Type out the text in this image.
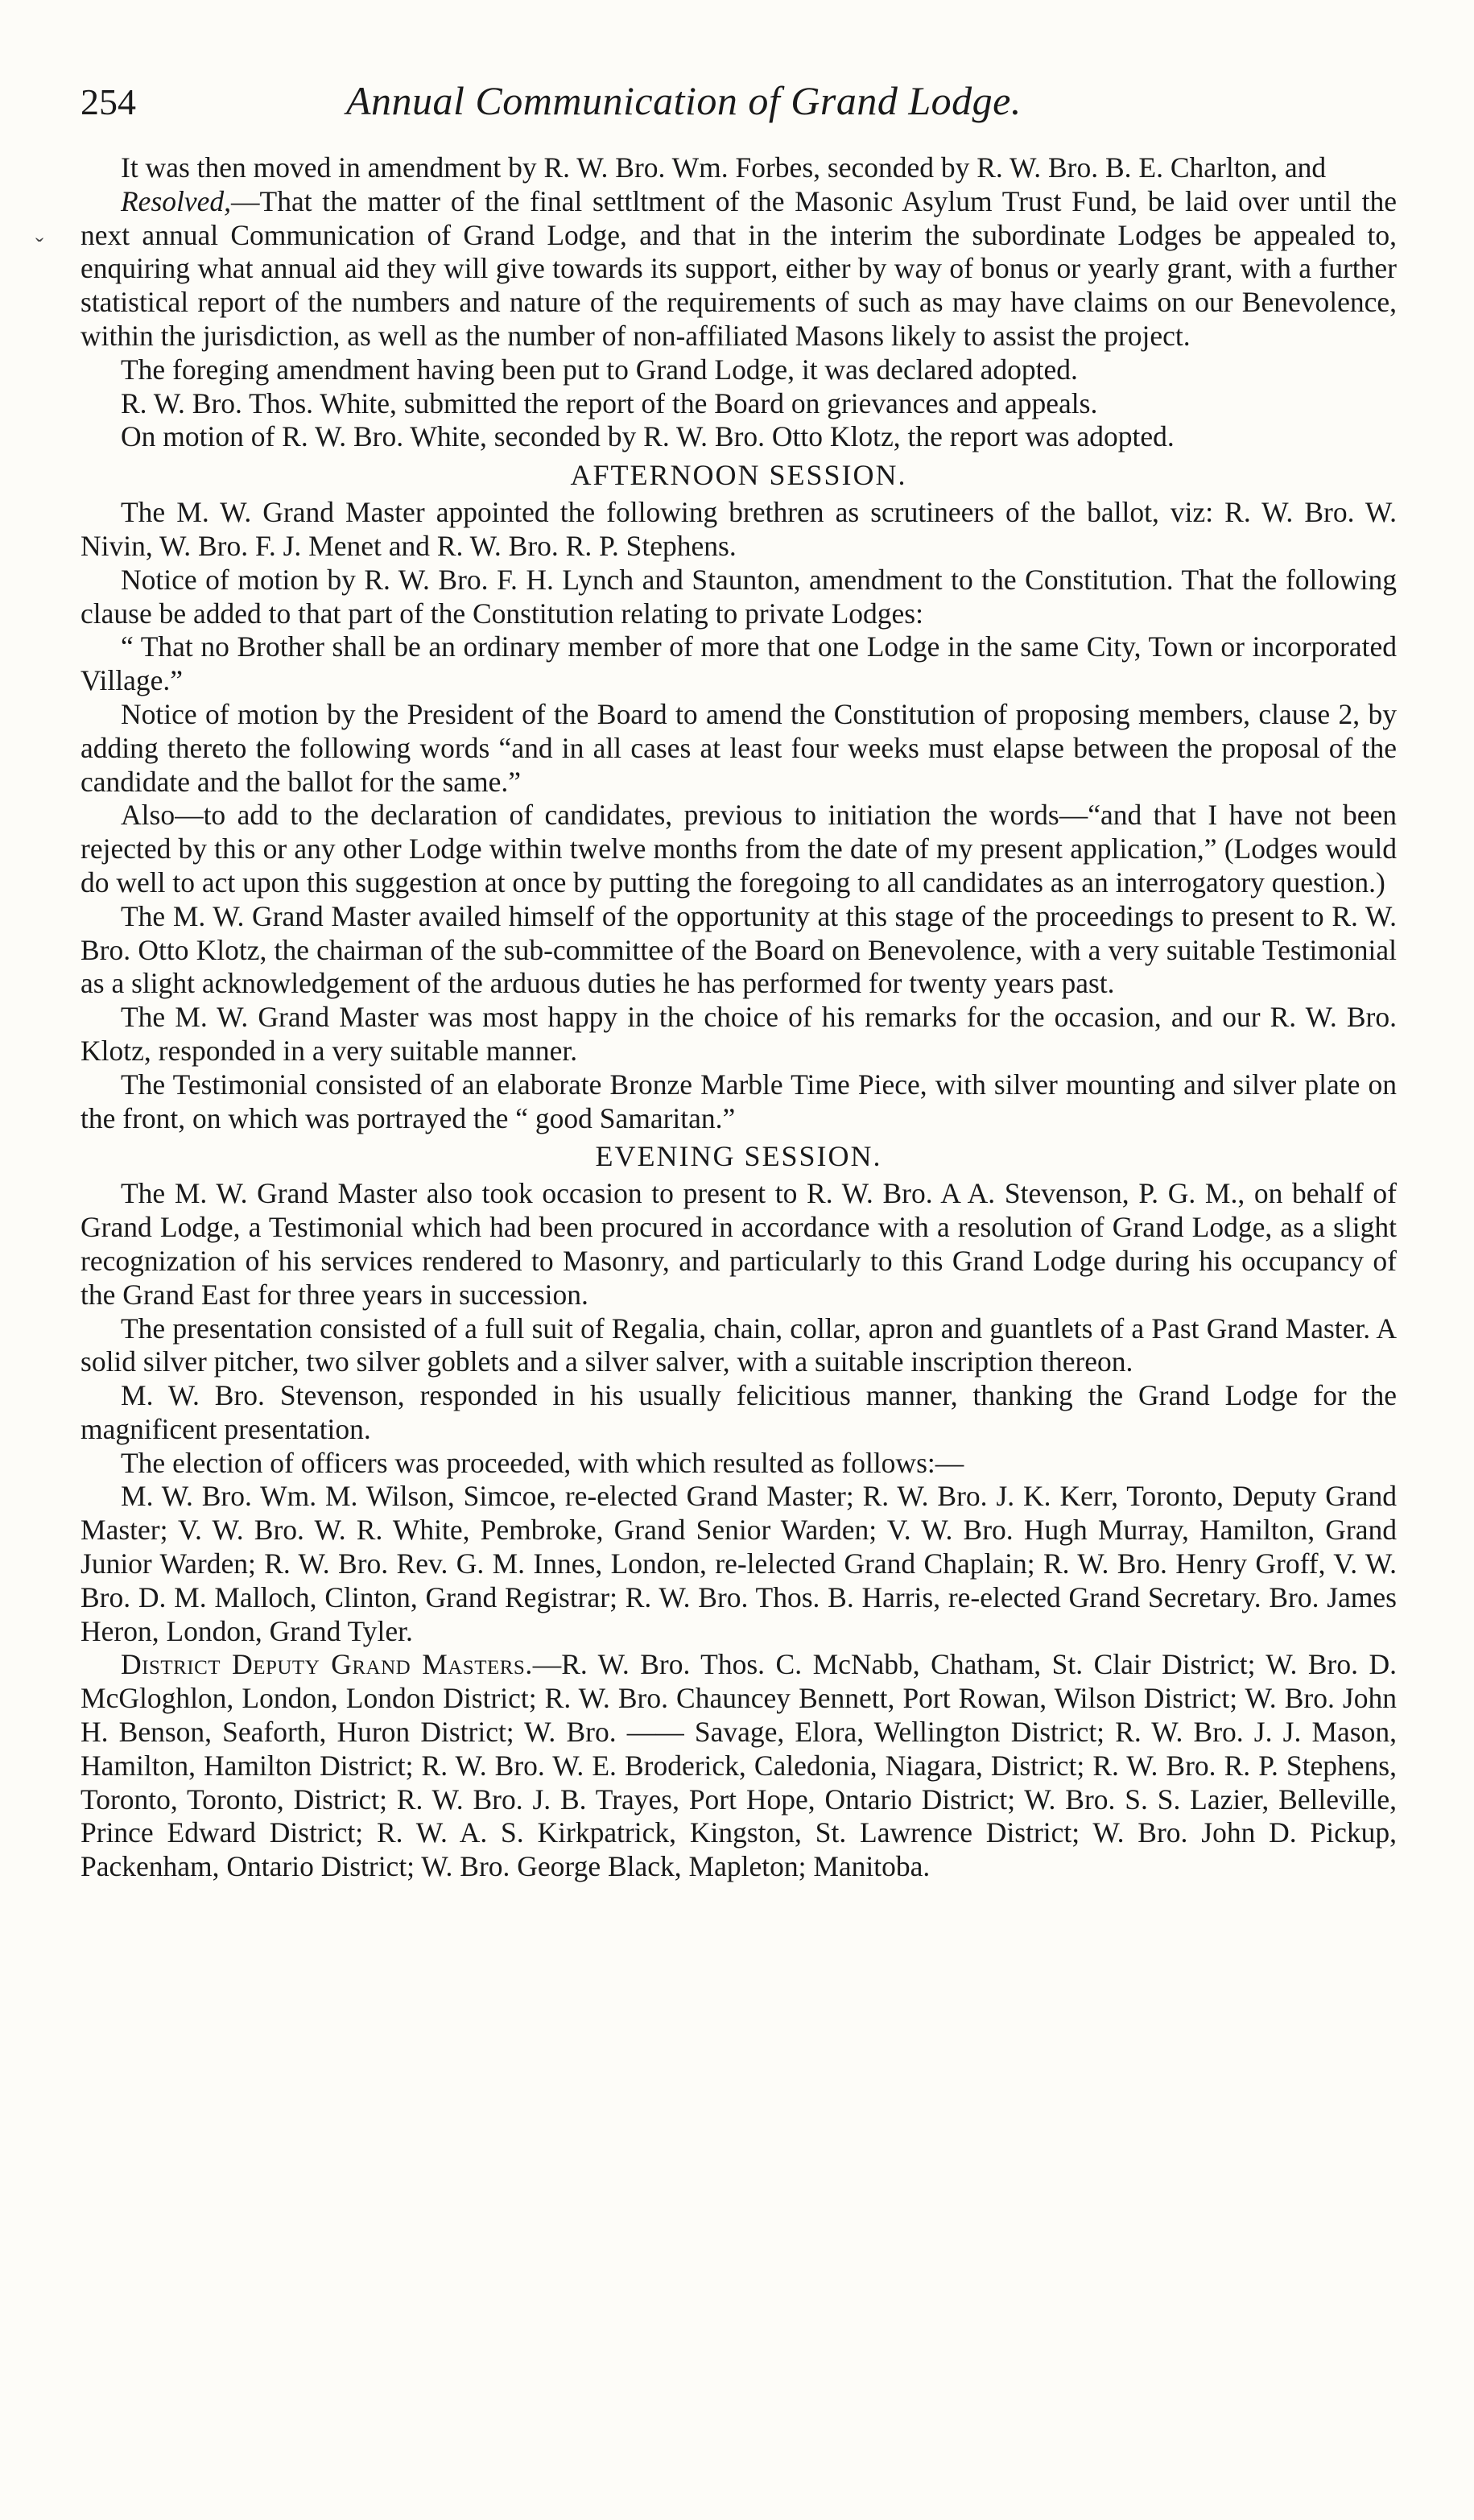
ˇ
254	Annual Communication of Grand Lodge.

It was then moved in amendment by R. W. Bro. Wm. Forbes, seconded by R. W. Bro. B. E. Charlton, and

Resolved,—That the matter of the final settltment of the Masonic Asylum Trust Fund, be laid over until the next annual Communication of Grand Lodge, and that in the interim the subordinate Lodges be appealed to, enquiring what annual aid they will give towards its support, either by way of bonus or yearly grant, with a further statistical report of the numbers and nature of the requirements of such as may have claims on our Benevolence, within the jurisdiction, as well as the number of non-affiliated Masons likely to assist the project.

The foreging amendment having been put to Grand Lodge, it was declared adopted.

R. W. Bro. Thos. White, submitted the report of the Board on grievances and appeals.

On motion of R. W. Bro. White, seconded by R. W. Bro. Otto Klotz, the report was adopted.

AFTERNOON SESSION.

The M. W. Grand Master appointed the following brethren as scrutineers of the ballot, viz: R. W. Bro. W. Nivin, W. Bro. F. J. Menet and R. W. Bro. R. P. Stephens.

Notice of motion by R. W. Bro. F. H. Lynch and Staunton, amendment to the Constitution. That the following clause be added to that part of the Constitution relating to private Lodges:

“ That no Brother shall be an ordinary member of more that one Lodge in the same City, Town or incorporated Village.”

Notice of motion by the President of the Board to amend the Constitution of proposing members, clause 2, by adding thereto the following words “and in all cases at least four weeks must elapse between the proposal of the candidate and the ballot for the same.”

Also—to add to the declaration of candidates, previous to initiation the words—“and that I have not been rejected by this or any other Lodge within twelve months from the date of my present application,” (Lodges would do well to act upon this suggestion at once by putting the foregoing to all candidates as an interrogatory question.)

The M. W. Grand Master availed himself of the opportunity at this stage of the proceedings to present to R. W. Bro. Otto Klotz, the chairman of the sub-committee of the Board on Benevolence, with a very suitable Testimonial as a slight acknowledgement of the arduous duties he has performed for twenty years past.

The M. W. Grand Master was most happy in the choice of his remarks for the occasion, and our R. W. Bro. Klotz, responded in a very suitable manner.

The Testimonial consisted of an elaborate Bronze Marble Time Piece, with silver mounting and silver plate on the front, on which was portrayed the “ good Samaritan.”

EVENING SESSION.

The M. W. Grand Master also took occasion to present to R. W. Bro. A A. Stevenson, P. G. M., on behalf of Grand Lodge, a Testimonial which had been procured in accordance with a resolution of Grand Lodge, as a slight recognization of his services rendered to Masonry, and particularly to this Grand Lodge during his occupancy of the Grand East for three years in succession.

The presentation consisted of a full suit of Regalia, chain, collar, apron and guantlets of a Past Grand Master. A solid silver pitcher, two silver goblets and a silver salver, with a suitable inscription thereon.

M. W. Bro. Stevenson, responded in his usually felicitious manner, thanking the Grand Lodge for the magnificent presentation.

The election of officers was proceeded, with which resulted as follows:—

M. W. Bro. Wm. M. Wilson, Simcoe, re-elected Grand Master; R. W. Bro. J. K. Kerr, Toronto, Deputy Grand Master; V. W. Bro. W. R. White, Pembroke, Grand Senior Warden; V. W. Bro. Hugh Murray, Hamilton, Grand Junior Warden; R. W. Bro. Rev. G. M. Innes, London, re-lelected Grand Chaplain; R. W. Bro. Henry Groff, V. W. Bro. D. M. Malloch, Clinton, Grand Registrar; R. W. Bro. Thos. B. Harris, re-elected Grand Secretary. Bro. James Heron, London, Grand Tyler.

District Deputy Grand Masters.—R. W. Bro. Thos. C. McNabb, Chatham, St. Clair District; W. Bro. D. McGloghlon, London, London District; R. W. Bro. Chauncey Bennett, Port Rowan, Wilson District; W. Bro. John H. Benson, Seaforth, Huron District; W. Bro. —— Savage, Elora, Wellington District; R. W. Bro. J. J. Mason, Hamilton, Hamilton District; R. W. Bro. W. E. Broderick, Caledonia, Niagara, District; R. W. Bro. R. P. Stephens, Toronto, Toronto, District; R. W. Bro. J. B. Trayes, Port Hope, Ontario District; W. Bro. S. S. Lazier, Belleville, Prince Edward District; R. W. A. S. Kirkpatrick, Kingston, St. Lawrence District; W. Bro. John D. Pickup, Packenham, Ontario District; W. Bro. George Black, Mapleton; Manitoba.
